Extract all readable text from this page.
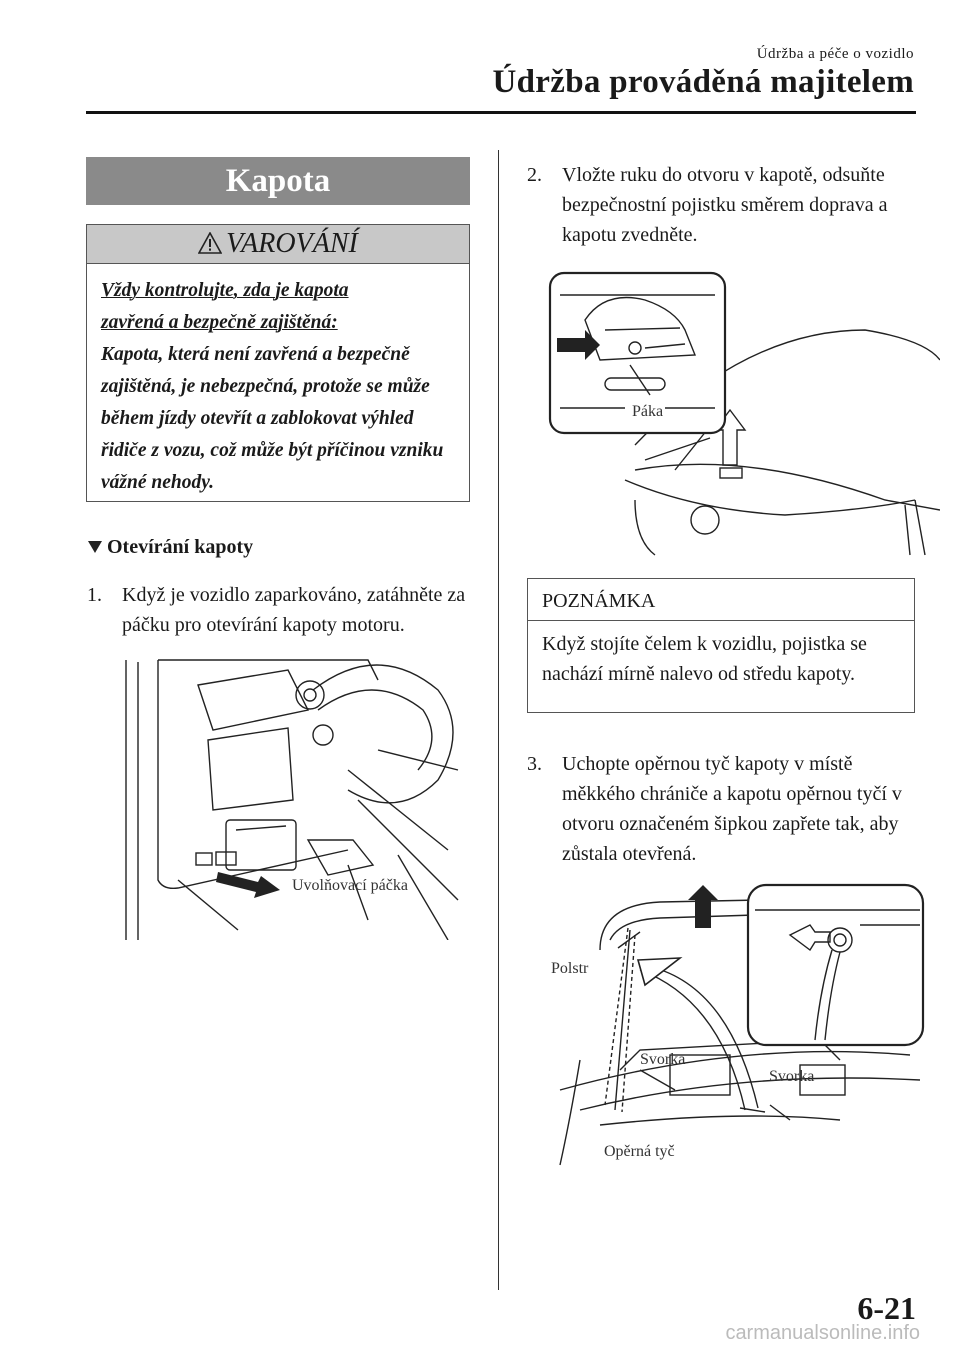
Údržba a péče o vozidlo
Údržba prováděná majitelem
Kapota
VAROVÁNÍ
Vždy kontrolujte, zda je kapota
zavřená a bezpečně zajištěná:
Kapota, která není zavřená a bezpečně zajištěná, je nebezpečná, protože se může během jízdy otevřít a zablokovat výhled řidiče z vozu, což může být příčinou vzniku vážné nehody.
Otevírání kapoty
1.	Když je vozidlo zaparkováno, zatáhněte za páčku pro otevírání kapoty motoru.
Uvolňovací páčka
2.	Vložte ruku do otvoru v kapotě, odsuňte bezpečnostní pojistku směrem doprava a kapotu zvedněte.
Páka
POZNÁMKA
Když stojíte čelem k vozidlu, pojistka se nachází mírně nalevo od středu kapoty.
3.	Uchopte opěrnou tyč kapoty v místě měkkého chrániče a kapotu opěrnou tyčí v otvoru označeném šipkou zapřete tak, aby zůstala otevřená.
Polstr
Svorka
Svorka
Opěrná tyč
6-21
carmanualsonline.info
